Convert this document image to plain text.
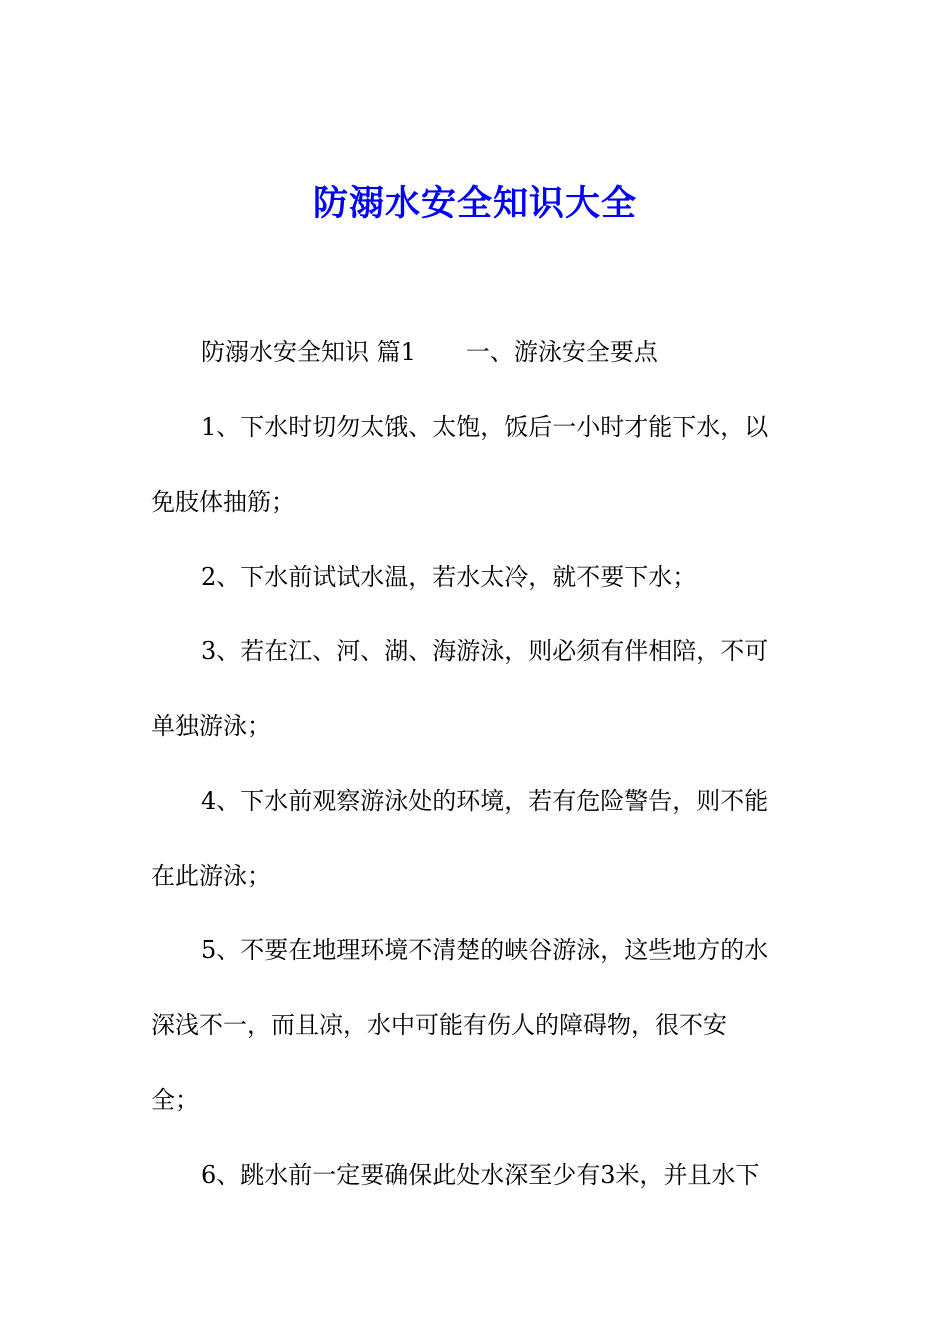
防溺水安全知识大全
防溺水安全知识 篇1 一、游泳安全要点
1、下水时切勿太饿、太饱，饭后一小时才能下水，以
免肢体抽筋；
2、下水前试试水温，若水太冷，就不要下水；
3、若在江、河、湖、海游泳，则必须有伴相陪，不可
单独游泳；
4、下水前观察游泳处的环境，若有危险警告，则不能
在此游泳；
5、不要在地理环境不清楚的峡谷游泳，这些地方的水
深浅不一，而且凉，水中可能有伤人的障碍物，很不安
全；
6、跳水前一定要确保此处水深至少有3米，并且水下
